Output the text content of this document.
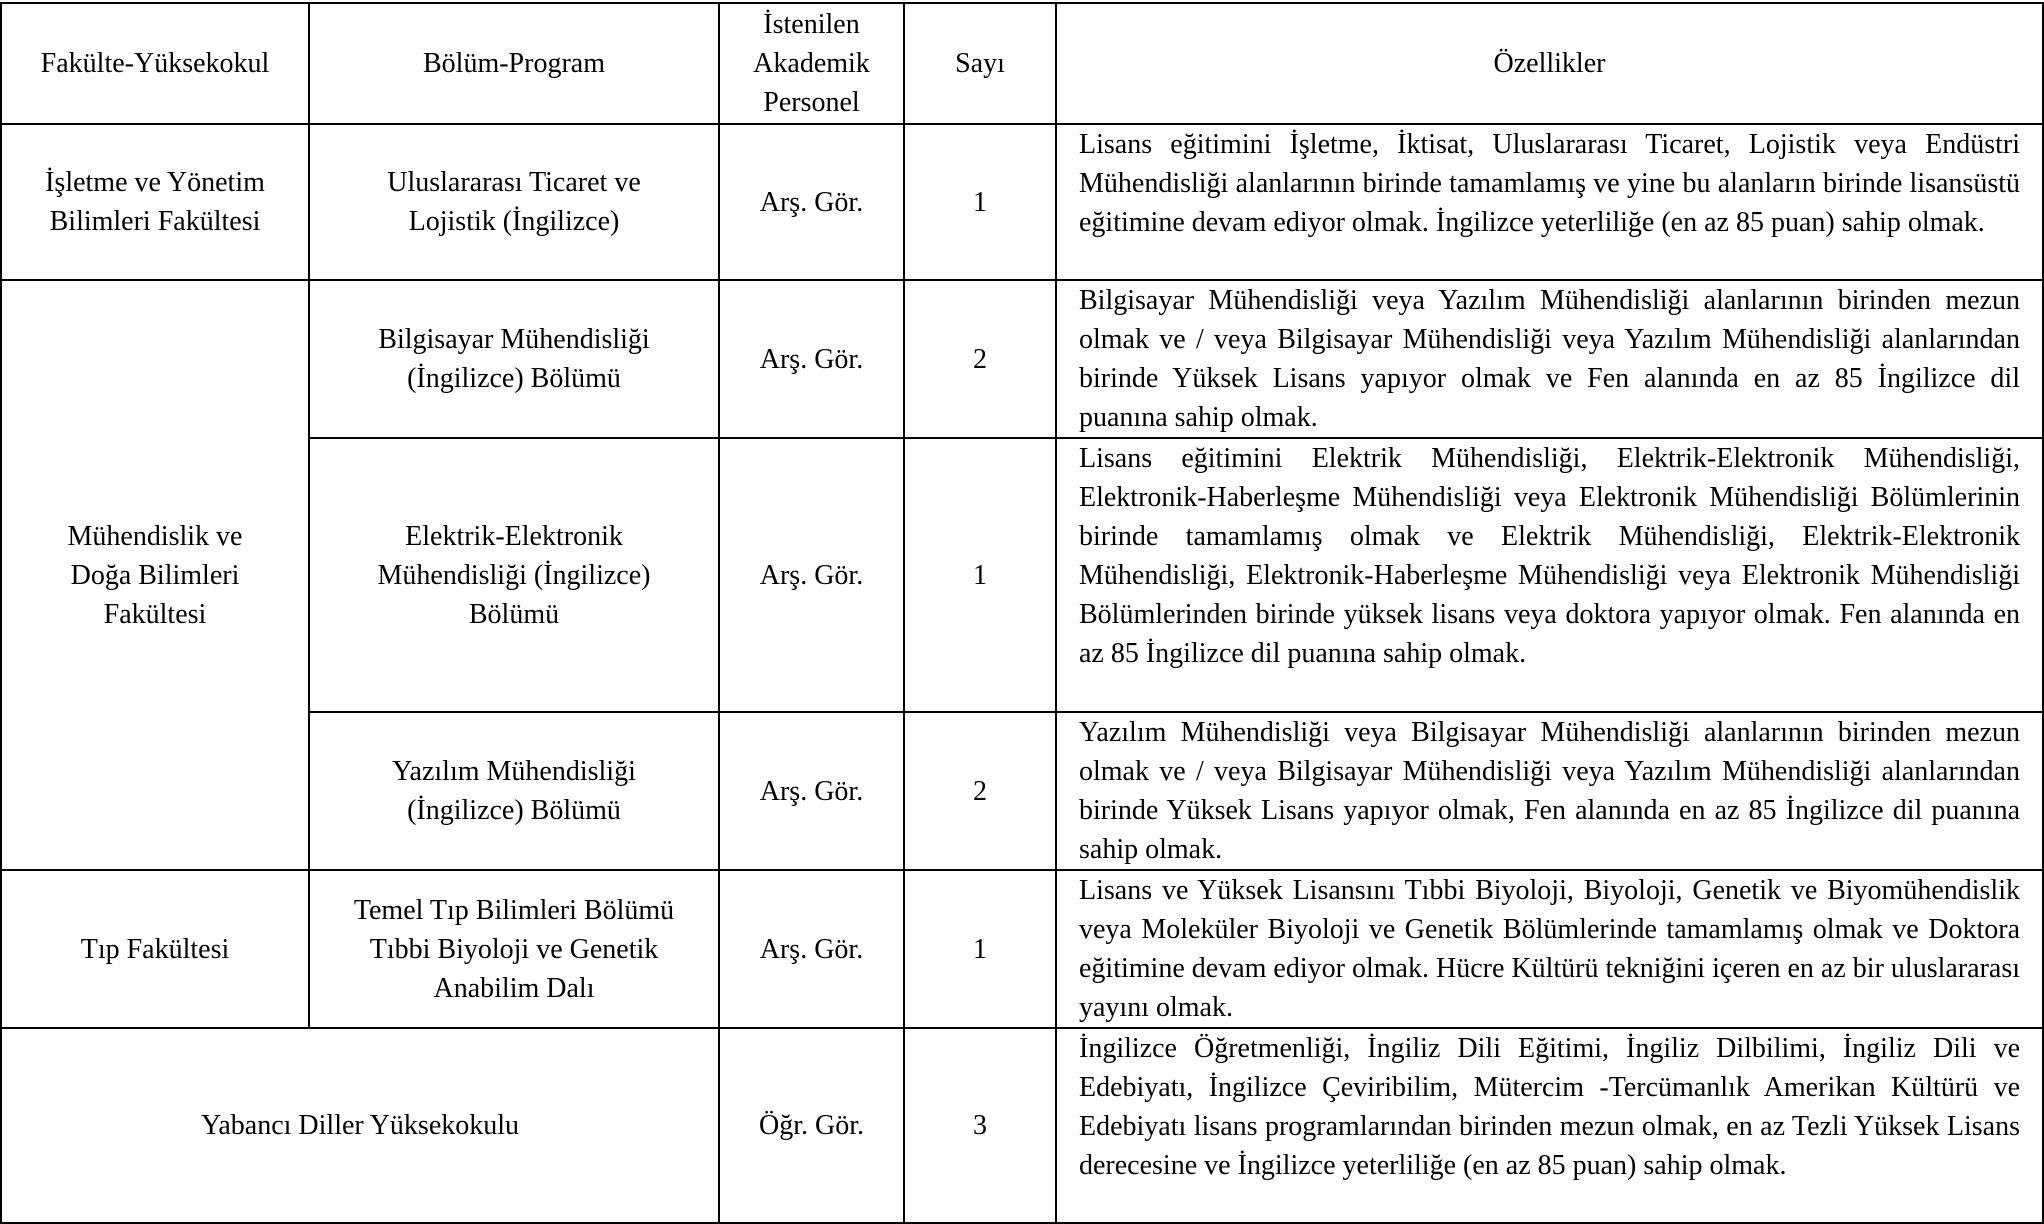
Fakülte-Yüksekokul	Bölüm-Program	İstenilen Akademik Personel	Sayı	Özellikler
İşletme ve Yönetim Bilimleri Fakültesi	Uluslararası Ticaret ve Lojistik (İngilizce)	Arş. Gör.	1	Lisans eğitimini İşletme, İktisat, Uluslararası Ticaret, Lojistik veya Endüstri Mühendisliği alanlarının birinde tamamlamış ve yine bu alanların birinde lisansüstü eğitimine devam ediyor olmak. İngilizce yeterliliğe (en az 85 puan) sahip olmak.
Mühendislik ve Doğa Bilimleri Fakültesi	Bilgisayar Mühendisliği (İngilizce) Bölümü	Arş. Gör.	2	Bilgisayar Mühendisliği veya Yazılım Mühendisliği alanlarının birinden mezun olmak ve / veya Bilgisayar Mühendisliği veya Yazılım Mühendisliği alanlarından birinde Yüksek Lisans yapıyor olmak ve Fen alanında en az 85 İngilizce dil puanına sahip olmak.
	Elektrik-Elektronik Mühendisliği (İngilizce) Bölümü	Arş. Gör.	1	Lisans eğitimini Elektrik Mühendisliği, Elektrik-Elektronik Mühendisliği, Elektronik-Haberleşme Mühendisliği veya Elektronik Mühendisliği Bölümlerinin birinde tamamlamış olmak ve Elektrik Mühendisliği, Elektrik-Elektronik Mühendisliği, Elektronik-Haberleşme Mühendisliği veya Elektronik Mühendisliği Bölümlerinden birinde yüksek lisans veya doktora yapıyor olmak. Fen alanında en az 85 İngilizce dil puanına sahip olmak.
	Yazılım Mühendisliği (İngilizce) Bölümü	Arş. Gör.	2	Yazılım Mühendisliği veya Bilgisayar Mühendisliği alanlarının birinden mezun olmak ve / veya Bilgisayar Mühendisliği veya Yazılım Mühendisliği alanlarından birinde Yüksek Lisans yapıyor olmak, Fen alanında en az 85 İngilizce dil puanına sahip olmak.
Tıp Fakültesi	Temel Tıp Bilimleri Bölümü Tıbbi Biyoloji ve Genetik Anabilim Dalı	Arş. Gör.	1	Lisans ve Yüksek Lisansını Tıbbi Biyoloji, Biyoloji, Genetik ve Biyomühendislik veya Moleküler Biyoloji ve Genetik Bölümlerinde tamamlamış olmak ve Doktora eğitimine devam ediyor olmak. Hücre Kültürü tekniğini içeren en az bir uluslararası yayını olmak.
Yabancı Diller Yüksekokulu		Öğr. Gör.	3	İngilizce Öğretmenliği, İngiliz Dili Eğitimi, İngiliz Dilbilimi, İngiliz Dili ve Edebiyatı, İngilizce Çeviribilim, Mütercim -Tercümanlık Amerikan Kültürü ve Edebiyatı lisans programlarından birinden mezun olmak, en az Tezli Yüksek Lisans derecesine ve İngilizce yeterliliğe (en az 85 puan) sahip olmak.
